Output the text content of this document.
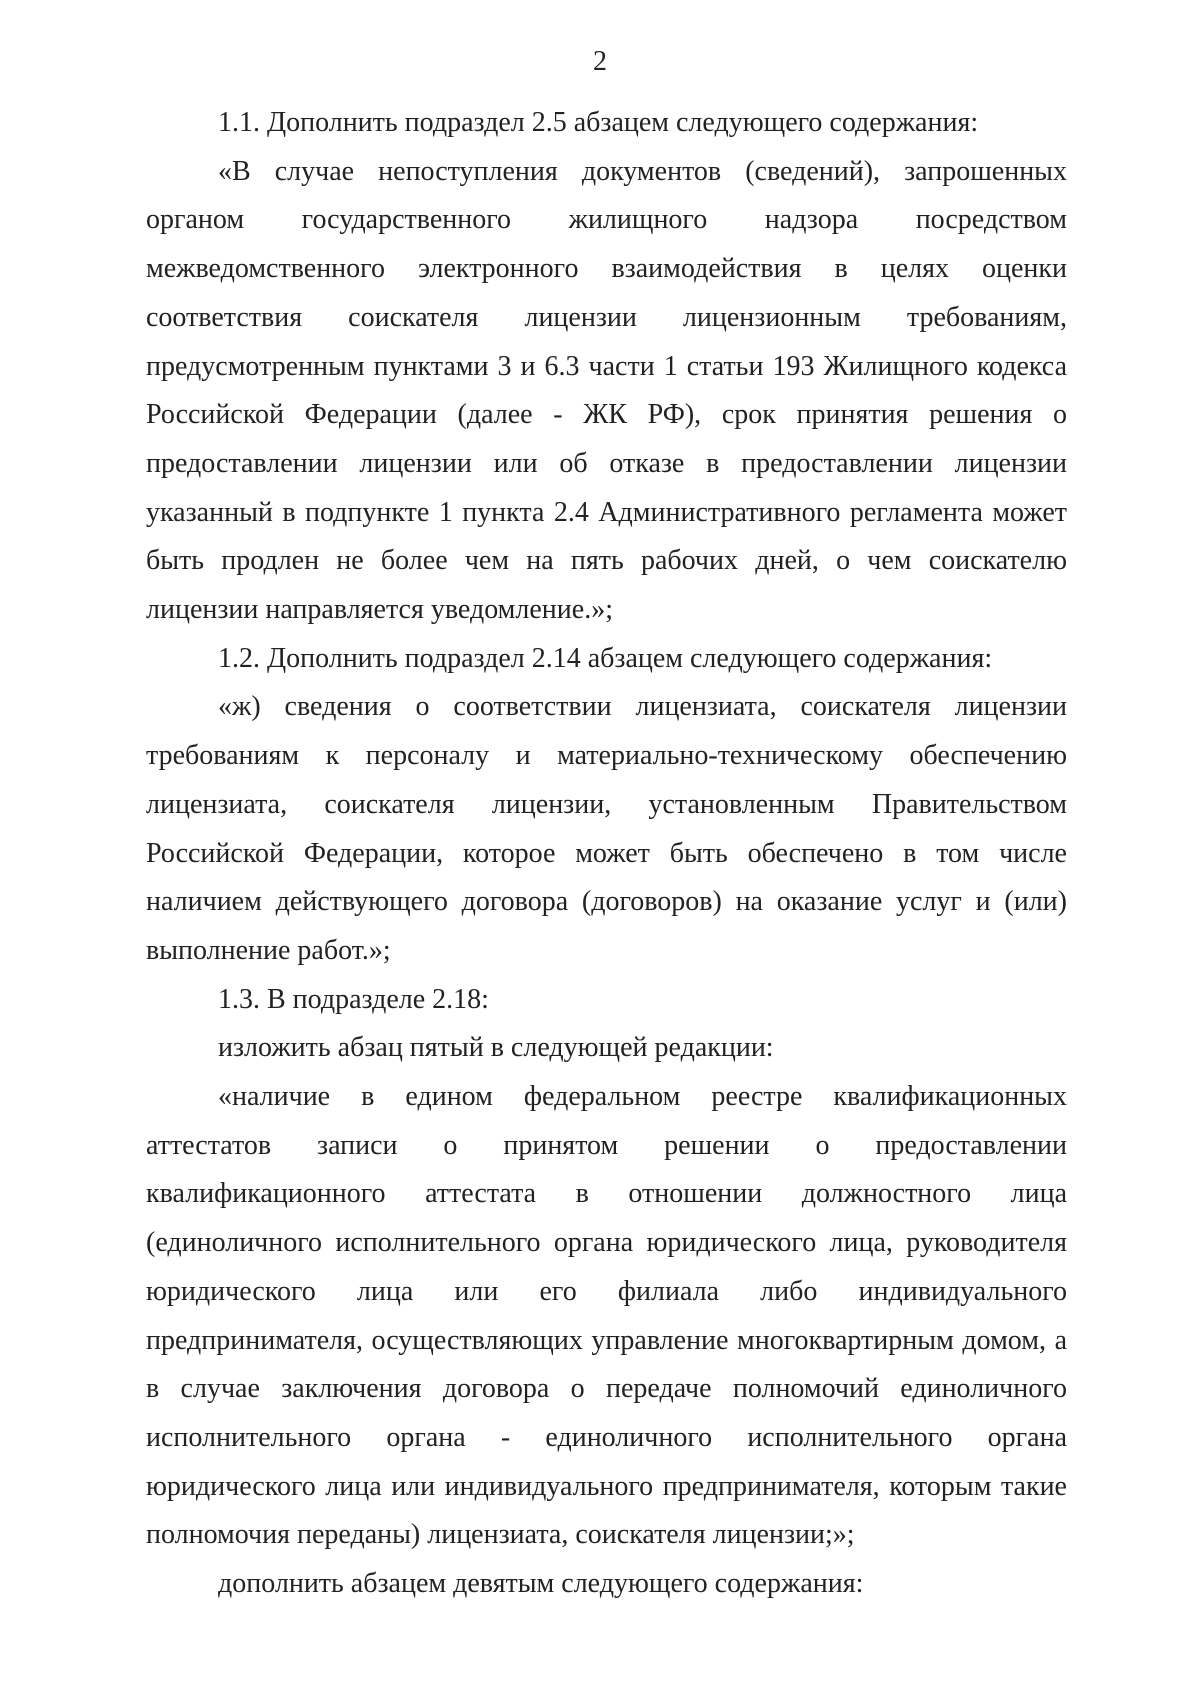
2

1.1. Дополнить подраздел 2.5 абзацем следующего содержания:

«В случае непоступления документов (сведений), запрошенных органом государственного жилищного надзора посредством межведомственного электронного взаимодействия в целях оценки соответствия соискателя лицензии лицензионным требованиям, предусмотренным пунктами 3 и 6.3 части 1 статьи 193 Жилищного кодекса Российской Федерации (далее - ЖК РФ), срок принятия решения о предоставлении лицензии или об отказе в предоставлении лицензии указанный в подпункте 1 пункта 2.4 Административного регламента может быть продлен не более чем на пять рабочих дней, о чем соискателю лицензии направляется уведомление.»;

1.2. Дополнить подраздел 2.14 абзацем следующего содержания:

«ж) сведения о соответствии лицензиата, соискателя лицензии требованиям к персоналу и материально-техническому обеспечению лицензиата, соискателя лицензии, установленным Правительством Российской Федерации, которое может быть обеспечено в том числе наличием действующего договора (договоров) на оказание услуг и (или) выполнение работ.»;

1.3. В подразделе 2.18:

изложить абзац пятый в следующей редакции:

«наличие в едином федеральном реестре квалификационных аттестатов записи о принятом решении о предоставлении квалификационного аттестата в отношении должностного лица (единоличного исполнительного органа юридического лица, руководителя юридического лица или его филиала либо индивидуального предпринимателя, осуществляющих управление многоквартирным домом, а в случае заключения договора о передаче полномочий единоличного исполнительного органа - единоличного исполнительного органа юридического лица или индивидуального предпринимателя, которым такие полномочия переданы) лицензиата, соискателя лицензии;»;

дополнить абзацем девятым следующего содержания:
